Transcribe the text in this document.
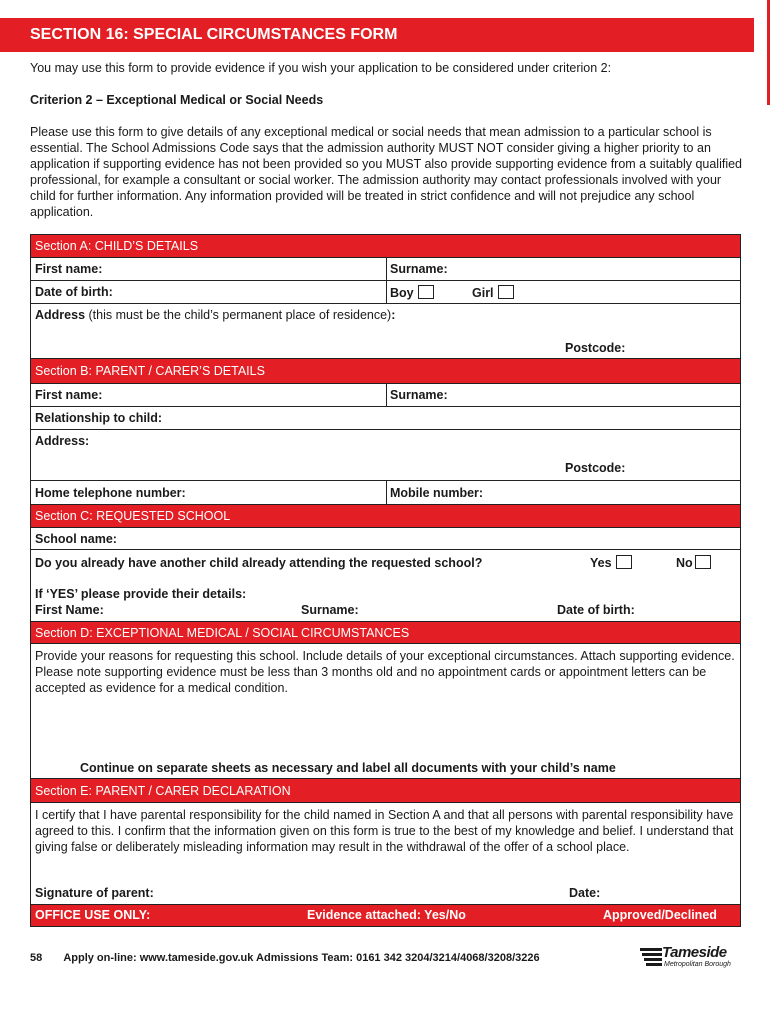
SECTION 16: SPECIAL CIRCUMSTANCES FORM
You may use this form to provide evidence if you wish your application to be considered under criterion 2:
Criterion 2 – Exceptional Medical or Social Needs
Please use this form to give details of any exceptional medical or social needs that mean admission to a particular school is essential. The School Admissions Code says that the admission authority MUST NOT consider giving a higher priority to an application if supporting evidence has not been provided so you MUST also provide supporting evidence from a suitably qualified professional, for example a consultant or social worker. The admission authority may contact professionals involved with your child for further information. Any information provided will be treated in strict confidence and will not prejudice any school application.
Section A: CHILD’S DETAILS
First name:	Surname:
Date of birth:	Boy	Girl
Address (this must be the child’s permanent place of residence):
Postcode:
Section B: PARENT / CARER’S DETAILS
First name:	Surname:
Relationship to child:
Address:
Postcode:
Home telephone number:	Mobile number:
Section C: REQUESTED SCHOOL
School name:
Do you already have another child already attending the requested school?	Yes	No
If ‘YES’ please provide their details:
First Name:	Surname:	Date of birth:
Section D: EXCEPTIONAL MEDICAL / SOCIAL CIRCUMSTANCES
Provide your reasons for requesting this school. Include details of your exceptional circumstances. Attach supporting evidence. Please note supporting evidence must be less than 3 months old and no appointment cards or appointment letters can be accepted as evidence for a medical condition.
Continue on separate sheets as necessary and label all documents with your child’s name
Section E: PARENT / CARER DECLARATION
I certify that I have parental responsibility for the child named in Section A and that all persons with parental responsibility have agreed to this. I confirm that the information given on this form is true to the best of my knowledge and belief. I understand that giving false or deliberately misleading information may result in the withdrawal of the offer of a school place.
Signature of parent:	Date:
OFFICE USE ONLY:	Evidence attached: Yes/No	Approved/Declined
58 Apply on-line: www.tameside.gov.uk Admissions Team: 0161 342 3204/3214/4068/3208/3226	Tameside
Metropolitan Borough
